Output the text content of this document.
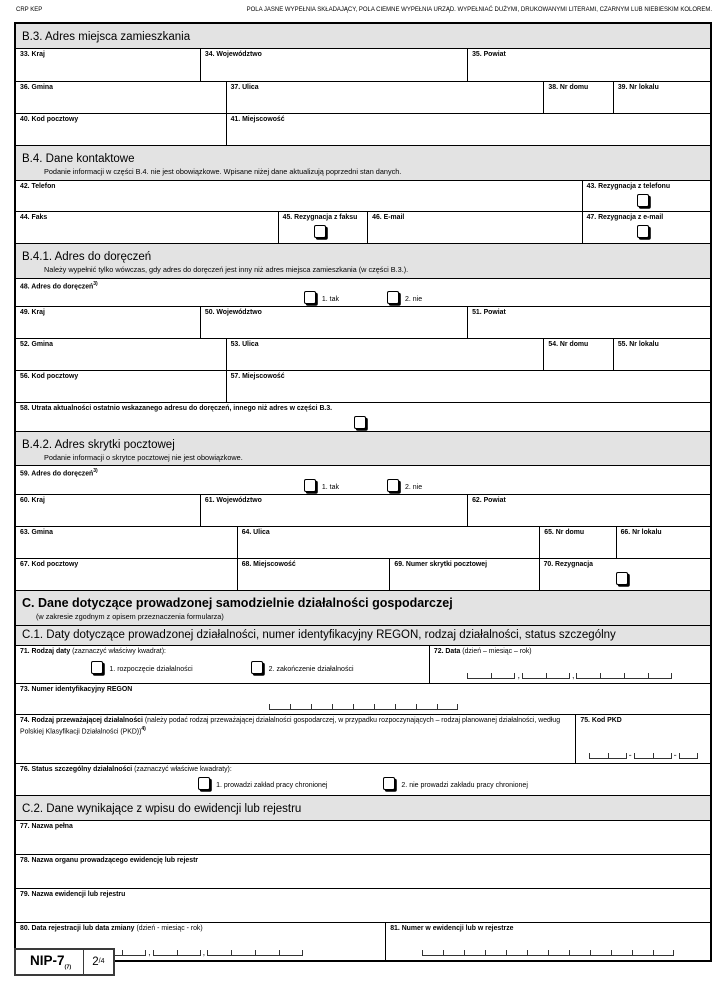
CRP KEP	POLA JASNE WYPEŁNIA SKŁADAJĄCY, POLA CIEMNE WYPEŁNIA URZĄD. WYPEŁNIAĆ DUŻYMI, DRUKOWANYMI LITERAMI, CZARNYM LUB NIEBIESKIM KOLOREM.
B.3. Adres miejsca zamieszkania
33. Kraj	34. Województwo	35. Powiat
36. Gmina	37. Ulica	38. Nr domu	39. Nr lokalu
40. Kod pocztowy	41. Miejscowość
B.4. Dane kontaktowe
Podanie informacji w części B.4. nie jest obowiązkowe. Wpisane niżej dane aktualizują poprzedni stan danych.
42. Telefon	43. Rezygnacja z telefonu
44. Faks	45. Rezygnacja z faksu	46. E-mail	47. Rezygnacja z e-mail
B.4.1. Adres do doręczeń
Należy wypełnić tylko wówczas, gdy adres do doręczeń jest inny niż adres miejsca zamieszkania (w części B.3.).
48. Adres do doręczeń$^{3)}$
1. tak	2. nie
49. Kraj	50. Województwo	51. Powiat
52. Gmina	53. Ulica	54. Nr domu	55. Nr lokalu
56. Kod pocztowy	57. Miejscowość
58. Utrata aktualności ostatnio wskazanego adresu do doręczeń, innego niż adres w części B.3.
B.4.2. Adres skrytki pocztowej
Podanie informacji o skrytce pocztowej nie jest obowiązkowe.
59. Adres do doręczeń$^{3)}$
1. tak	2. nie
60. Kraj	61. Województwo	62. Powiat
63. Gmina	64. Ulica	65. Nr domu	66. Nr lokalu
67. Kod pocztowy	68. Miejscowość	69. Numer skrytki pocztowej	70. Rezygnacja
C. Dane dotyczące prowadzonej samodzielnie działalności gospodarczej
(w zakresie zgodnym z opisem przeznaczenia formularza)
C.1. Daty dotyczące prowadzonej działalności, numer identyfikacyjny REGON, rodzaj działalności, status szczególny
71. Rodzaj daty (zaznaczyć właściwy kwadrat):
1. rozpoczęcie działalności	2. zakończenie działalności
72. Data (dzień – miesiąc – rok)
,	,
73. Numer identyfikacyjny REGON
74. Rodzaj przeważającej działalności (należy podać rodzaj przeważającej działalności gospodarczej, w przypadku rozpoczynających – rodzaj planowanej działalności, według Polskiej Klasyfikacji Działalności (PKD))$^{4)}$
75. Kod PKD
-	-
76. Status szczególny działalności (zaznaczyć właściwe kwadraty):
1. prowadzi zakład pracy chronionej	2. nie prowadzi zakładu pracy chronionej
C.2. Dane wynikające z wpisu do ewidencji lub rejestru
77. Nazwa pełna
78. Nazwa organu prowadzącego ewidencję lub rejestr
79. Nazwa ewidencji lub rejestru
80. Data rejestracji lub data zmiany (dzień - miesiąc - rok)
,	,
81. Numer w ewidencji lub w rejestrze
NIP-$7_{(7)}$	2 /4
